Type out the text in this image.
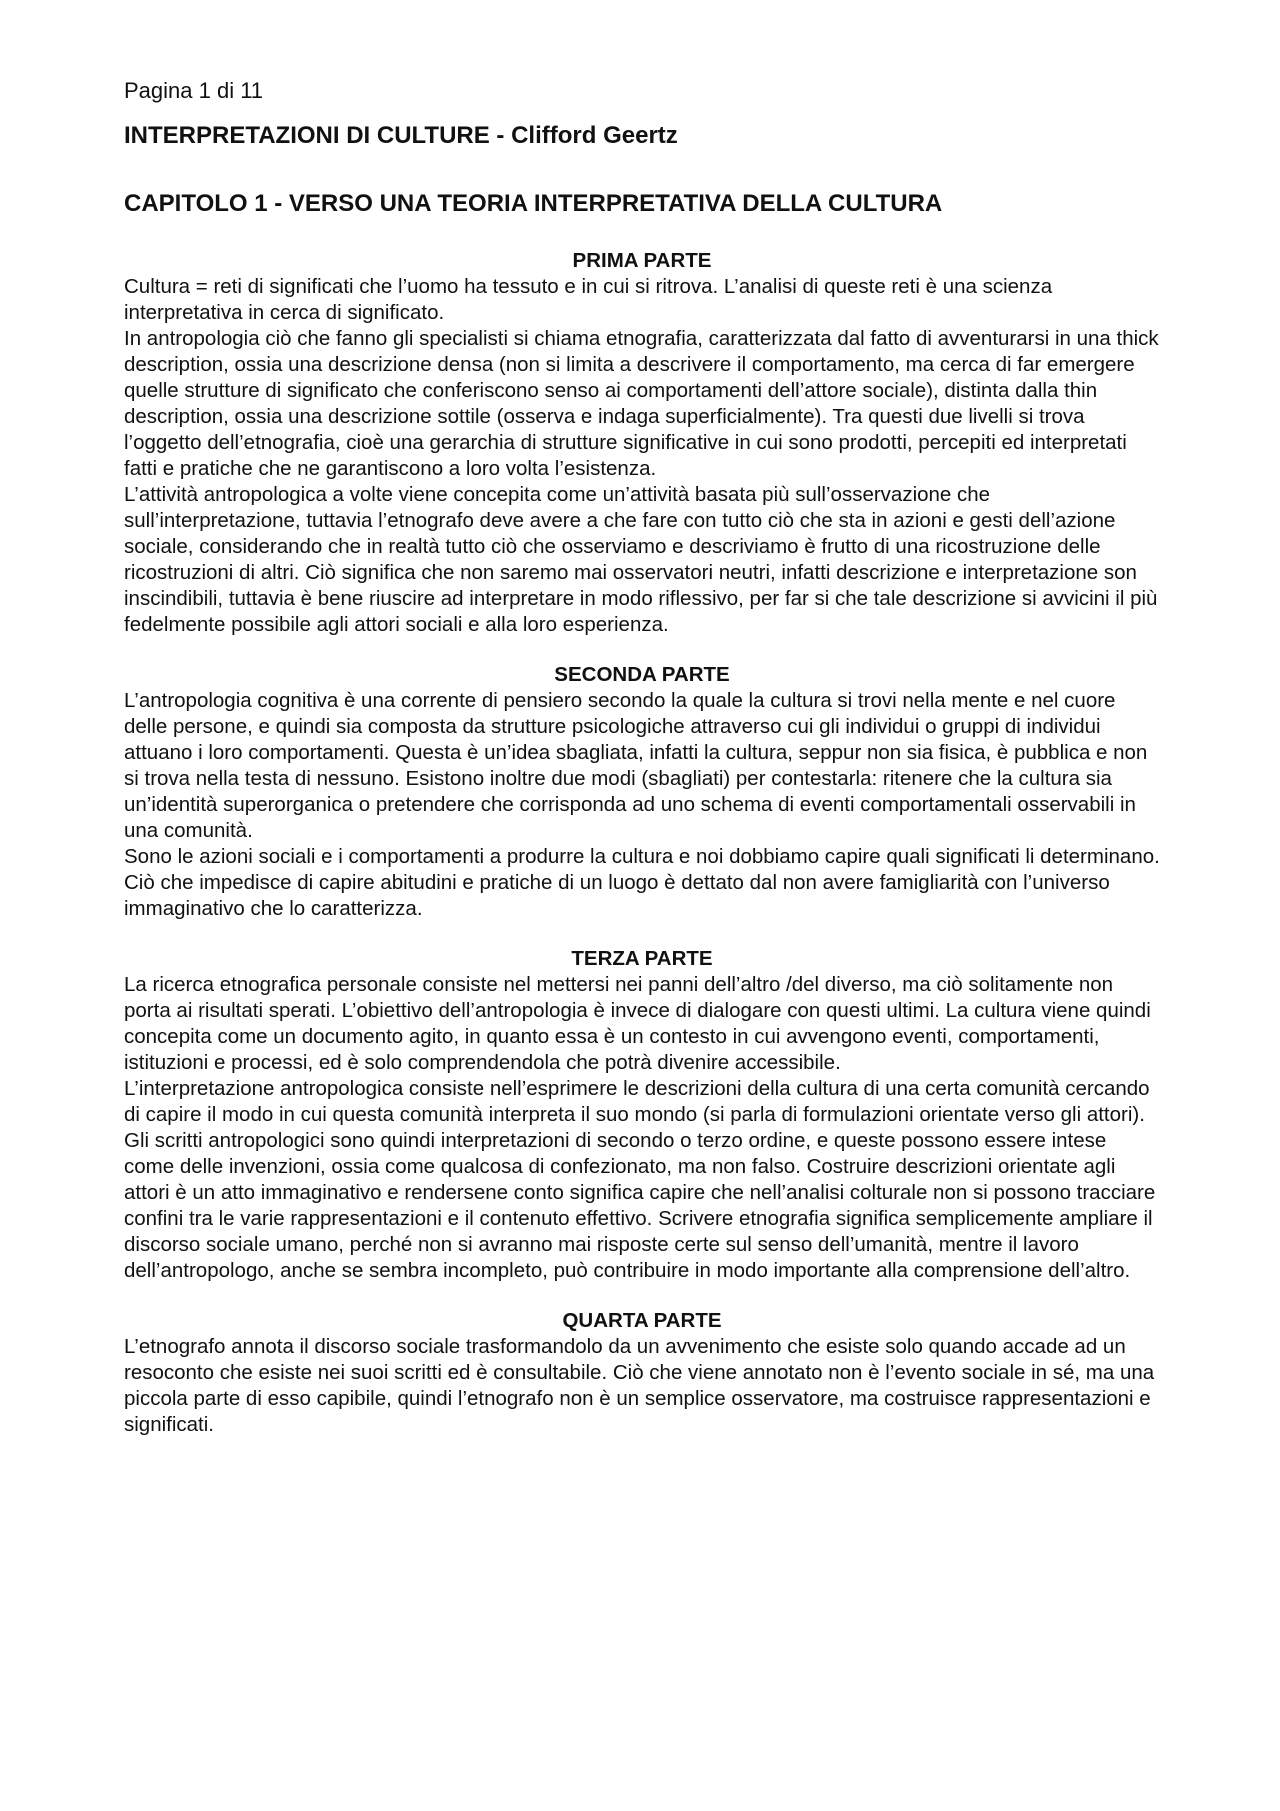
Pagina 1 di 11

INTERPRETAZIONI DI CULTURE - Clifford Geertz
CAPITOLO 1 - VERSO UNA TEORIA INTERPRETATIVA DELLA CULTURA
PRIMA PARTE

Cultura = reti di significati che l’uomo ha tessuto e in cui si ritrova. L’analisi di queste reti è una scienza interpretativa in cerca di significato.

In antropologia ciò che fanno gli specialisti si chiama etnografia, caratterizzata dal fatto di avventurarsi in una thick description, ossia una descrizione densa (non si limita a descrivere il comportamento, ma cerca di far emergere quelle strutture di significato che conferiscono senso ai comportamenti dell’attore sociale), distinta dalla thin description, ossia una descrizione sottile (osserva e indaga superficialmente). Tra questi due livelli si trova l’oggetto dell’etnografia, cioè una gerarchia di strutture significative in cui sono prodotti, percepiti ed interpretati fatti e pratiche che ne garantiscono a loro volta l’esistenza.

L’attività antropologica a volte viene concepita come un’attività basata più sull’osservazione che sull’interpretazione, tuttavia l’etnografo deve avere a che fare con tutto ciò che sta in azioni e gesti dell’azione sociale, considerando che in realtà tutto ciò che osserviamo e descriviamo è frutto di una ricostruzione delle ricostruzioni di altri. Ciò significa che non saremo mai osservatori neutri, infatti descrizione e interpretazione son inscindibili, tuttavia è bene riuscire ad interpretare in modo riflessivo, per far si che tale descrizione si avvicini il più fedelmente possibile agli attori sociali e alla loro esperienza.

SECONDA PARTE

L’antropologia cognitiva è una corrente di pensiero secondo la quale la cultura si trovi nella mente e nel cuore delle persone, e quindi sia composta da strutture psicologiche attraverso cui gli individui o gruppi di individui attuano i loro comportamenti. Questa è un’idea sbagliata, infatti la cultura, seppur non sia fisica, è pubblica e non si trova nella testa di nessuno. Esistono inoltre due modi (sbagliati) per contestarla: ritenere che la cultura sia un’identità superorganica o pretendere che corrisponda ad uno schema di eventi comportamentali osservabili in una comunità.

Sono le azioni sociali e i comportamenti a produrre la cultura e noi dobbiamo capire quali significati li determinano. Ciò che impedisce di capire abitudini e pratiche di un luogo è dettato dal non avere famigliarità con l’universo immaginativo che lo caratterizza.

TERZA PARTE

La ricerca etnografica personale consiste nel mettersi nei panni dell’altro /del diverso, ma ciò solitamente non porta ai risultati sperati. L’obiettivo dell’antropologia è invece di dialogare con questi ultimi. La cultura viene quindi concepita come un documento agito, in quanto essa è un contesto in cui avvengono eventi, comportamenti, istituzioni e processi, ed è solo comprendendola che potrà divenire accessibile.

L’interpretazione antropologica consiste nell’esprimere le descrizioni della cultura di una certa comunità cercando di capire il modo in cui questa comunità interpreta il suo mondo (si parla di formulazioni orientate verso gli attori). Gli scritti antropologici sono quindi interpretazioni di secondo o terzo ordine, e queste possono essere intese come delle invenzioni, ossia come qualcosa di confezionato, ma non falso. Costruire descrizioni orientate agli attori è un atto immaginativo e rendersene conto significa capire che nell’analisi colturale non si possono tracciare confini tra le varie rappresentazioni e il contenuto effettivo. Scrivere etnografia significa semplicemente ampliare il discorso sociale umano, perché non si avranno mai risposte certe sul senso dell’umanità, mentre il lavoro dell’antropologo, anche se sembra incompleto, può contribuire in modo importante alla comprensione dell’altro.

QUARTA PARTE

L’etnografo annota il discorso sociale trasformandolo da un avvenimento che esiste solo quando accade ad un resoconto che esiste nei suoi scritti ed è consultabile. Ciò che viene annotato non è l’evento sociale in sé, ma una piccola parte di esso capibile, quindi l’etnografo non è un semplice osservatore, ma costruisce rappresentazioni e significati.
